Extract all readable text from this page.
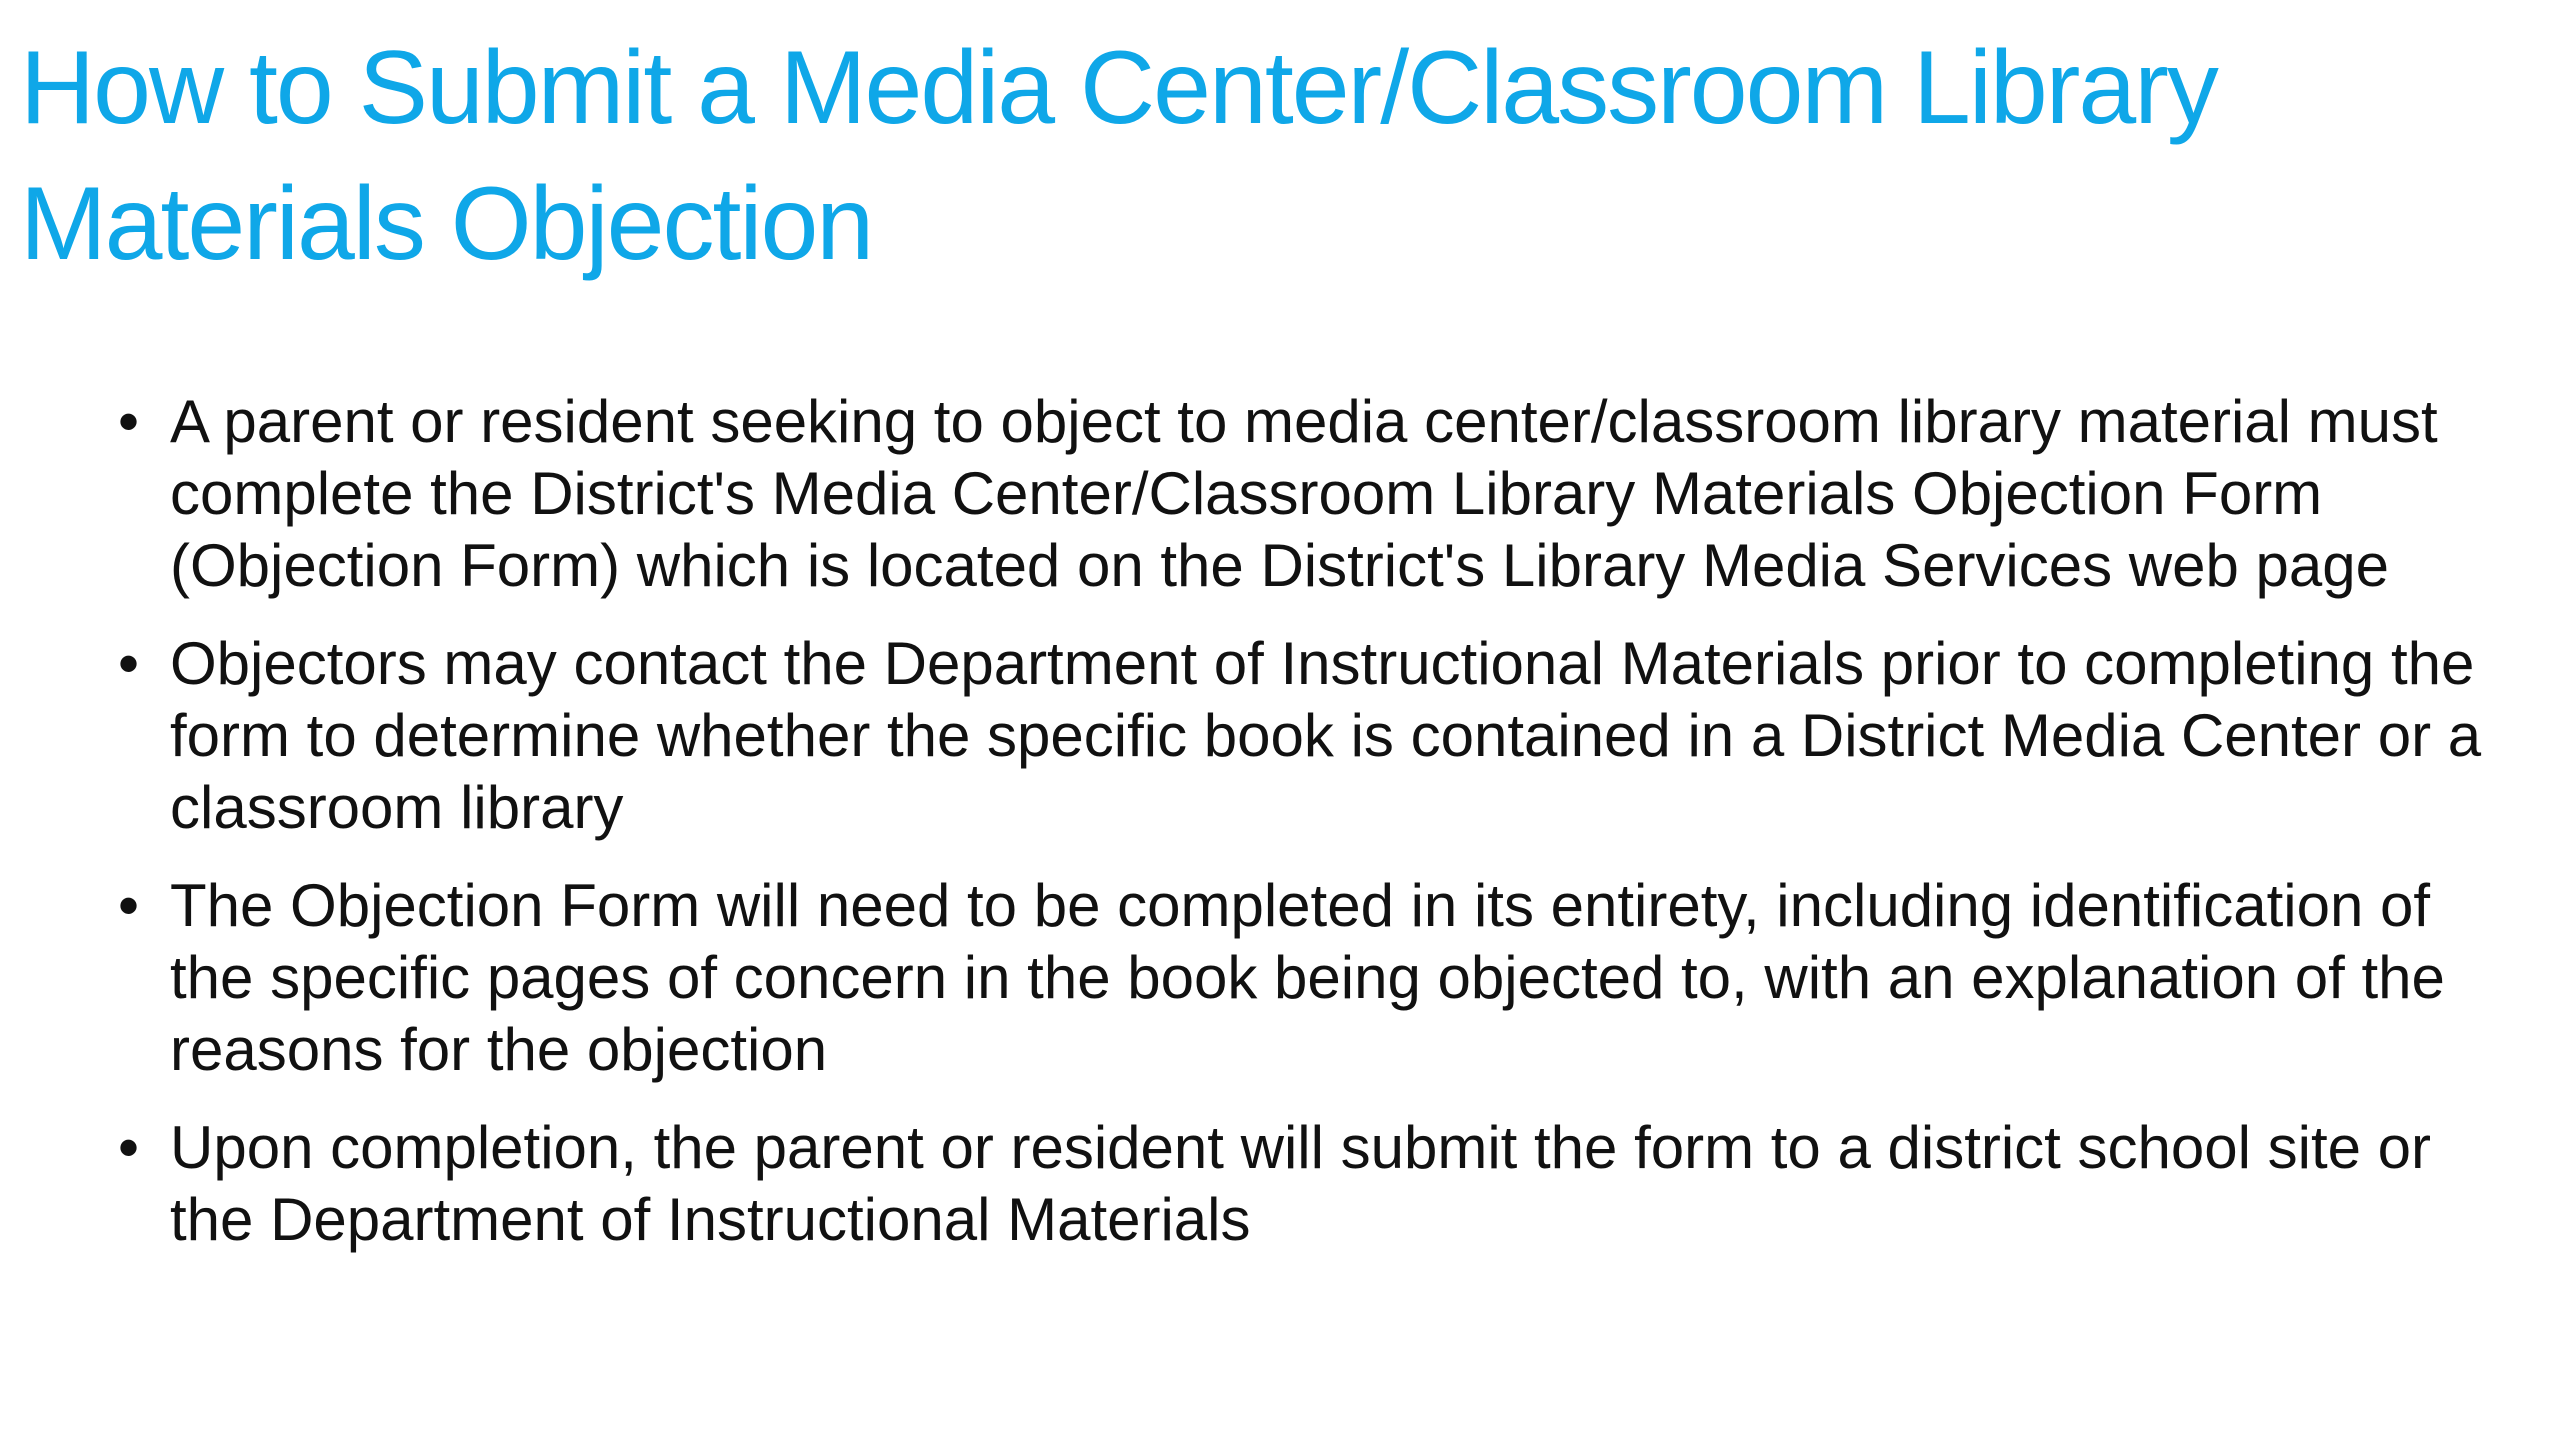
How to Submit a Media Center/Classroom Library Materials Objection
• A parent or resident seeking to object to media center/classroom library material must complete the District's Media Center/Classroom Library Materials Objection Form (Objection Form) which is located on the District's Library Media Services web page
• Objectors may contact the Department of Instructional Materials prior to completing the form to determine whether the specific book is contained in a District Media Center or a classroom library
• The Objection Form will need to be completed in its entirety, including identification of the specific pages of concern in the book being objected to, with an explanation of the reasons for the objection
• Upon completion, the parent or resident will submit the form to a district school site or the Department of Instructional Materials
